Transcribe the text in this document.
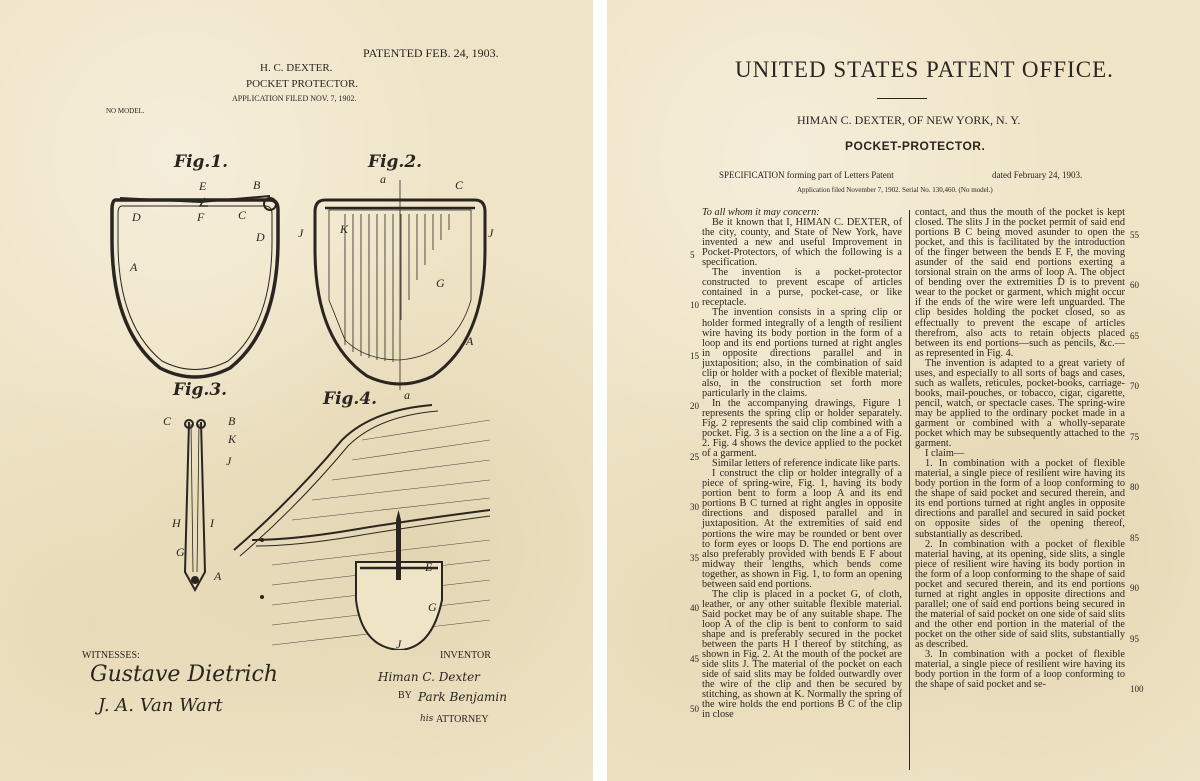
PATENTED FEB. 24, 1903.
H. C. DEXTER.
POCKET PROTECTOR.
APPLICATION FILED NOV. 7, 1902.
NO MODEL.
Fig.1.	Fig.2.
Fig.3.	Fig.4.
E	B
D	F	C
D
A
a	C
J	K	J
G
A
a
C	B
K
J
H I
G
A
E
G
J
WITNESSES:
Gustave Dietrich
J. A. Van Wart
INVENTOR
Himan C. Dexter
BY Park Benjamin
his ATTORNEY
UNITED STATES PATENT OFFICE.
HIMAN C. DEXTER, OF NEW YORK, N. Y.
POCKET-PROTECTOR.
SPECIFICATION forming part of Letters Patent	dated February 24, 1903.
Application filed November 7, 1902. Serial No. 130,460. (No model.)

To all whom it may concern:

Be it known that I, HIMAN C. DEXTER, of the city, county, and State of New York, have invented a new and useful Improvement in Pocket-Protectors, of which the following is a specification.

The invention is a pocket-protector constructed to prevent escape of articles contained in a purse, pocket-case, or like receptacle.

The invention consists in a spring clip or holder formed integrally of a length of resilient wire having its body portion in the form of a loop and its end portions turned at right angles in opposite directions parallel and in juxtaposition; also, in the combination of said clip or holder with a pocket of flexible material; also, in the construction set forth more particularly in the claims.

In the accompanying drawings, Figure 1 represents the spring clip or holder separately. Fig. 2 represents the said clip combined with a pocket. Fig. 3 is a section on the line a a of Fig. 2. Fig. 4 shows the device applied to the pocket of a garment.

Similar letters of reference indicate like parts.

I construct the clip or holder integrally of a piece of spring-wire, Fig. 1, having its body portion bent to form a loop A and its end portions B C turned at right angles in opposite directions and disposed parallel and in juxtaposition. At the extremities of said end portions the wire may be rounded or bent over to form eyes or loops D. The end portions are also preferably provided with bends E F about midway their lengths, which bends come together, as shown in Fig. 1, to form an opening between said end portions.

The clip is placed in a pocket G, of cloth, leather, or any other suitable flexible material. Said pocket may be of any suitable shape. The loop A of the clip is bent to conform to said shape and is preferably secured in the pocket between the parts H I thereof by stitching, as shown in Fig. 2. At the mouth of the pocket are side slits J. The material of the pocket on each side of said slits may be folded outwardly over the wire of the clip and then be secured by stitching, as shown at K. Normally the spring of the wire holds the end portions B C of the clip in close

contact, and thus the mouth of the pocket is kept closed. The slits J in the pocket permit of said end portions B C being moved asunder to open the pocket, and this is facilitated by the introduction of the finger between the bends E F, the moving asunder of the said end portions exerting a torsional strain on the arms of loop A. The object of bending over the extremities D is to prevent wear to the pocket or garment, which might occur if the ends of the wire were left unguarded. The clip besides holding the pocket closed, so as effectually to prevent the escape of articles therefrom, also acts to retain objects placed between its end portions—such as pencils, &c.—as represented in Fig. 4.

The invention is adapted to a great variety of uses, and especially to all sorts of bags and cases, such as wallets, reticules, pocket-books, carriage-books, mail-pouches, or tobacco, cigar, cigarette, pencil, watch, or spectacle cases. The spring-wire may be applied to the ordinary pocket made in a garment or combined with a wholly-separate pocket which may be subsequently attached to the garment.

I claim—

1. In combination with a pocket of flexible material, a single piece of resilient wire having its body portion in the form of a loop conforming to the shape of said pocket and secured therein, and its end portions turned at right angles in opposite directions and parallel and secured in said pocket on opposite sides of the opening thereof, substantially as described.

2. In combination with a pocket of flexible material having, at its opening, side slits, a single piece of resilient wire having its body portion in the form of a loop conforming to the shape of said pocket and secured therein, and its end portions turned at right angles in opposite directions and parallel; one of said end portions being secured in the material of said pocket on one side of said slits and the other end portion in the material of the pocket on the other side of said slits, substantially as described.

3. In combination with a pocket of flexible material, a single piece of resilient wire having its body portion in the form of a loop conforming to the shape of said pocket and se-

5
10
15
20
25
30
35
40
45
50
55
60
65
70
75
80
85
90
95
100
